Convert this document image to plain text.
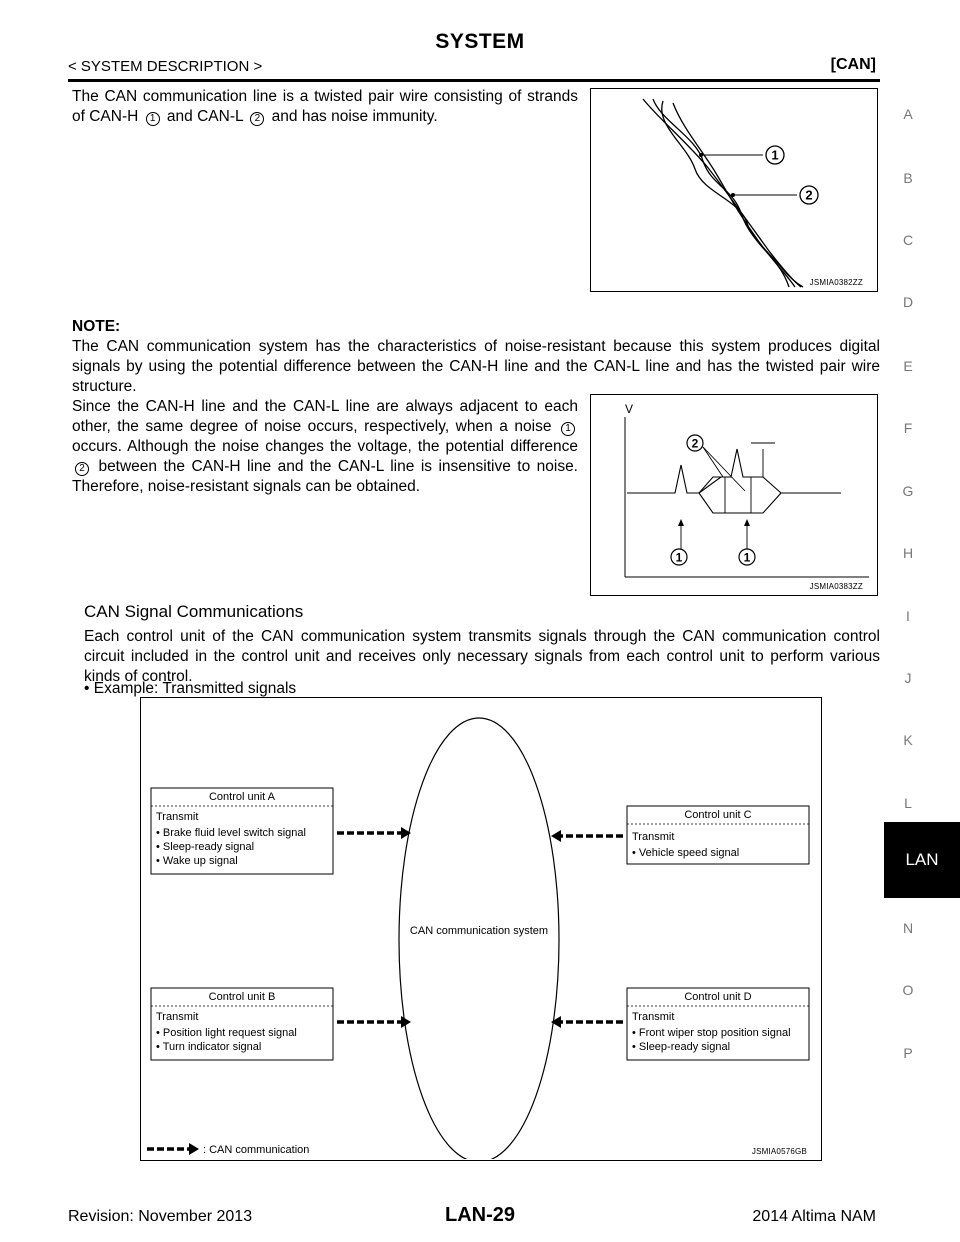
SYSTEM
< SYSTEM DESCRIPTION >	[CAN]
A
B
C
D
E
F
G
H
I
J
K
L
N
O
P
LAN
The CAN communication line is a twisted pair wire consisting of strands of CAN-H 1 and CAN-L 2 and has noise immunity.
1
2
JSMIA0382ZZ
NOTE:
The CAN communication system has the characteristics of noise-resistant because this system produces digital signals by using the potential difference between the CAN-H line and the CAN-L line and has the twisted pair wire structure.
Since the CAN-H line and the CAN-L line are always adjacent to each other, the same degree of noise occurs, respectively, when a noise 1 occurs. Although the noise changes the voltage, the potential difference 2 between the CAN-H line and the CAN-L line is insensitive to noise. Therefore, noise-resistant signals can be obtained.
V
2
1	1
JSMIA0383ZZ
CAN Signal Communications
Each control unit of the CAN communication system transmits signals through the CAN communication control circuit included in the control unit and receives only necessary signals from each control unit to perform various kinds of control.
• Example: Transmitted signals
CAN communication system
Control unit A
Transmit
• Brake fluid level switch signal
• Sleep-ready signal
• Wake up signal
Control unit C
Transmit
• Vehicle speed signal
Control unit B
Transmit
• Position light request signal
• Turn indicator signal
Control unit D
Transmit
• Front wiper stop position signal
• Sleep-ready signal
: CAN communication	JSMIA0576GB
Revision: November 2013	LAN-29	2014 Altima NAM
